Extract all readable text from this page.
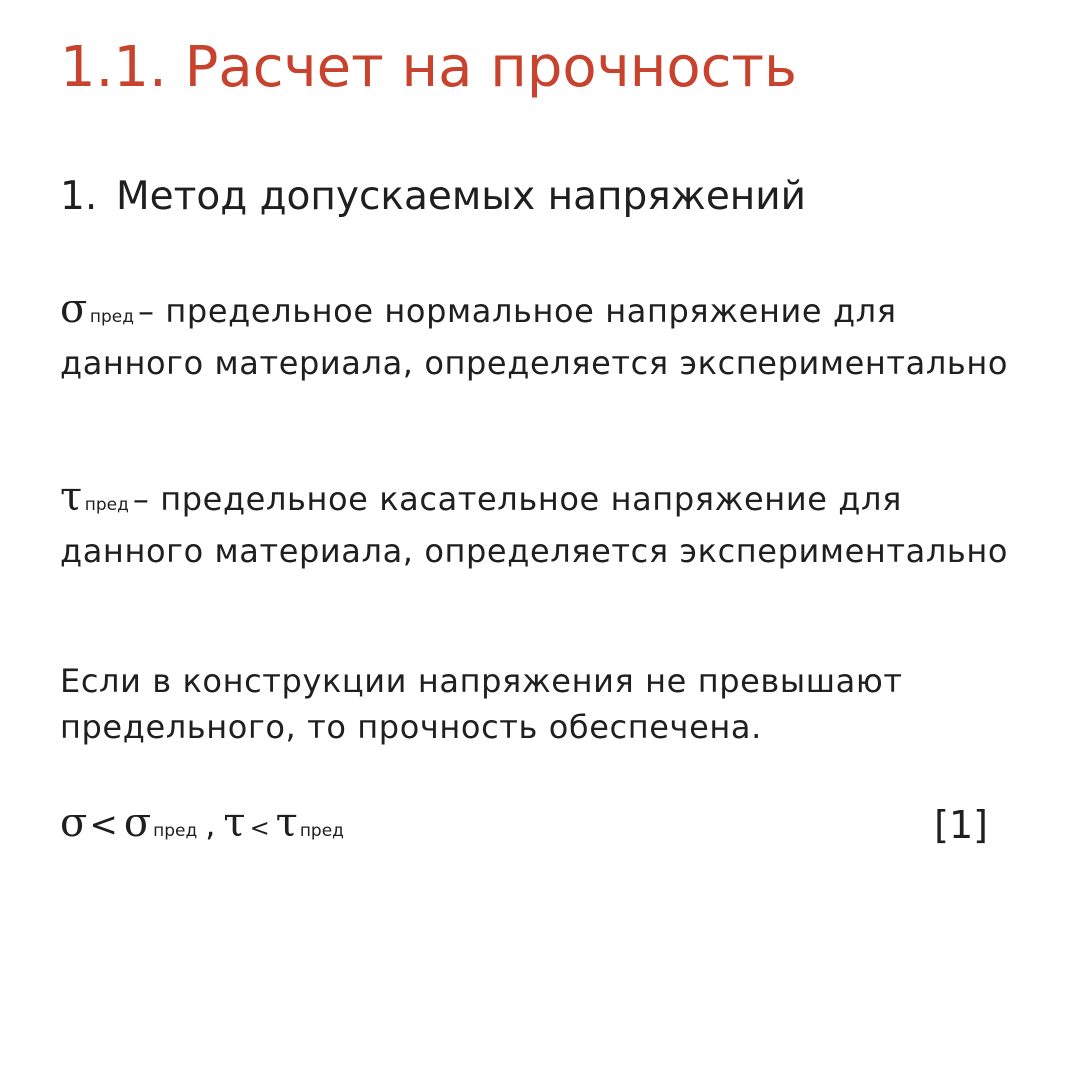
1.1. Расчет на прочность
1. Метод допускаемых напряжений
σпред – предельное нормальное напряжение для данного материала, определяется экспериментально
τпред – предельное касательное напряжение для данного материала, определяется экспериментально
Если в конструкции напряжения не превышают предельного, то прочность обеспечена.
σ< σ пред , τ < τ пред	[1]
